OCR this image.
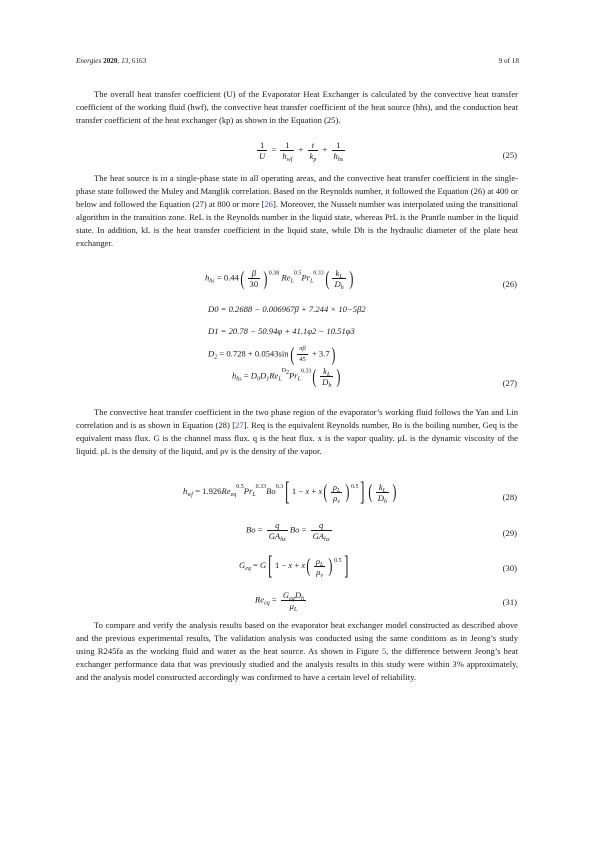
Energies 2020, 13, 6163	9 of 18

The overall heat transfer coefficient (U) of the Evaporator Heat Exchanger is calculated by the convective heat transfer coefficient of the working fluid (hwf), the convective heat transfer coefficient of the heat source (hhs), and the conduction heat transfer coefficient of the heat exchanger (kp) as shown in the Equation (25).

$\frac{1}{U} = \frac{1}{h_{wf}} + \frac{t}{k_p} + \frac{1}{h_{hs}}$	(25)

The heat source is in a single-phase state in all operating areas, and the convective heat transfer coefficient in the single-phase state followed the Muley and Manglik correlation. Based on the Reynolds number, it followed the Equation (26) at 400 or below and followed the Equation (27) at 800 or more [26]. Moreover, the Nusselt number was interpolated using the transitional algorithm in the transition zone. ReL is the Reynolds number in the liquid state, whereas PrL is the Prantle number in the liquid state. In addition, kL is the heat transfer coefficient in the liquid state, while Dh is the hydraulic diameter of the plate heat exchanger.

$h_{hs} = 0.44( \frac{\beta}{30} )^{0.38}$ $Re_L^{0.5}Pr_L^{0.33}( \frac{k_L}{D_h}$ )	(26)
D0 = 0.2688 − 0.006967β + 7.244 × 10−5β2
D1 = 20.78 − 50.94φ + 41.1φ2 − 10.51φ3
$D_2 = 0.728 + 0.0543\sin( \frac{\pi\beta}{45} + 3.7)$
$h_{hs} = D_0D_1Re_L^{D_2}Pr_L^{0.33}( \frac{k_L}{D_h}$ )	(27)

The convective heat transfer coefficient in the two phase region of the evaporator’s working fluid follows the Yan and Lin correlation and is as shown in Equation (28) [27]. Req is the equivalent Reynolds number, Bo is the boiling number, Geq is the equivalent mass flux. G is the channel mass flux. q is the heat flux. x is the vapor quality. μL is the dynamic viscosity of the liquid. ρL is the density of the liquid, and ρv is the density of the vapor.

$h_{wf} = 1.926Re_{eq}^{0.5}Pr_L^{0.33}Bo^{0.3}$[ $1 - x + x( \frac{\rho_L}{\rho_v} )^{0.5}$] ( $\frac{k_L}{D_h}$ )	(28)
$Bo = \frac{q}{GA_{hx}}$ $Bo = \frac{q}{GA_{hx}}$	(29)
$G_{eq} = G$[ $1 - x + x( \frac{\rho_L}{\rho_v} )^{0.5}$]	(30)
$Re_{eq} = \frac{G_{eq}D_h}{\mu_L}$	(31)

To compare and verify the analysis results based on the evaporator heat exchanger model constructed as described above and the previous experimental results, The validation analysis was conducted using the same conditions as in Jeong’s study using R245fa as the working fluid and water as the heat source. As shown in Figure 5, the difference between Jeong’s heat exchanger performance data that was previously studied and the analysis results in this study were within 3% approximately, and the analysis model constructed accordingly was confirmed to have a certain level of reliability.
